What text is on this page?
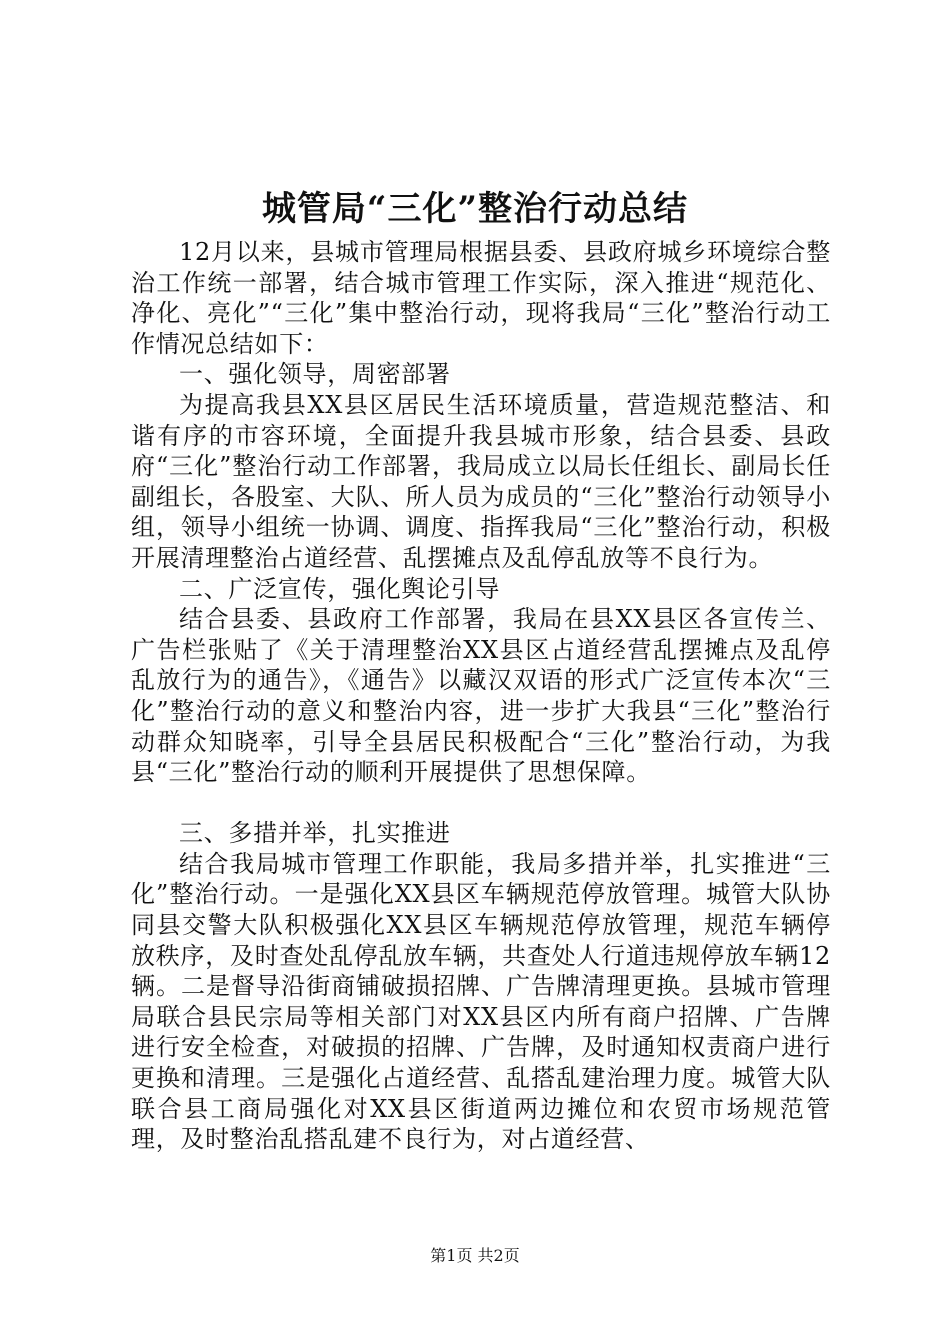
城管局“三化”整治行动总结

12月以来，县城市管理局根据县委、县政府城乡环境综合整治工作统一部署，结合城市管理工作实际，深入推进“规范化、净化、亮化”“三化”集中整治行动，现将我局“三化”整治行动工作情况总结如下：

一、强化领导，周密部署

为提高我县XX县区居民生活环境质量，营造规范整洁、和谐有序的市容环境，全面提升我县城市形象，结合县委、县政府“三化”整治行动工作部署，我局成立以局长任组长、副局长任副组长，各股室、大队、所人员为成员的“三化”整治行动领导小组，领导小组统一协调、调度、指挥我局“三化”整治行动，积极开展清理整治占道经营、乱摆摊点及乱停乱放等不良行为。

二、广泛宣传，强化舆论引导

结合县委、县政府工作部署，我局在县XX县区各宣传兰、广告栏张贴了《关于清理整治XX县区占道经营乱摆摊点及乱停乱放行为的通告》，《通告》以藏汉双语的形式广泛宣传本次“三化”整治行动的意义和整治内容，进一步扩大我县“三化”整治行动群众知晓率，引导全县居民积极配合“三化”整治行动，为我县“三化”整治行动的顺利开展提供了思想保障。

三、多措并举，扎实推进

结合我局城市管理工作职能，我局多措并举，扎实推进“三化”整治行动。一是强化XX县区车辆规范停放管理。城管大队协同县交警大队积极强化XX县区车辆规范停放管理，规范车辆停放秩序，及时查处乱停乱放车辆，共查处人行道违规停放车辆12辆。二是督导沿街商铺破损招牌、广告牌清理更换。县城市管理局联合县民宗局等相关部门对XX县区内所有商户招牌、广告牌进行安全检查，对破损的招牌、广告牌，及时通知权责商户进行更换和清理。三是强化占道经营、乱搭乱建治理力度。城管大队联合县工商局强化对XX县区街道两边摊位和农贸市场规范管理，及时整治乱搭乱建不良行为，对占道经营、

第1页 共2页
